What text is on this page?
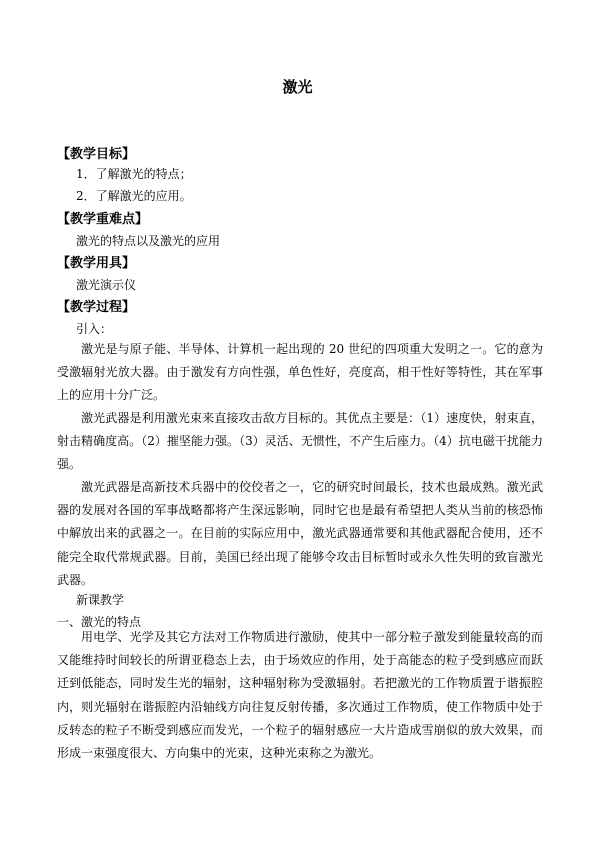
激光
【教学目标】
1．了解激光的特点；
2．了解激光的应用。
【教学重难点】
激光的特点以及激光的应用
【教学用具】
激光演示仪
【教学过程】
引入：
激光是与原子能、半导体、计算机一起出现的 20 世纪的四项重大发明之一。它的意为受激辐射光放大器。由于激发有方向性强，单色性好，亮度高，相干性好等特性，其在军事上的应用十分广泛。
激光武器是利用激光束来直接攻击敌方目标的。其优点主要是：（1）速度快，射束直，射击精确度高。（2）摧坚能力强。（3）灵活、无惯性，不产生后座力。（4）抗电磁干扰能力强。
激光武器是高新技术兵器中的佼佼者之一，它的研究时间最长，技术也最成熟。激光武器的发展对各国的军事战略都将产生深远影响，同时它也是最有希望把人类从当前的核恐怖中解放出来的武器之一。在目前的实际应用中，激光武器通常要和其他武器配合使用，还不能完全取代常规武器。目前，美国已经出现了能够令攻击目标暂时或永久性失明的致盲激光武器。
新课教学
一、激光的特点
用电学、光学及其它方法对工作物质进行激励，使其中一部分粒子激发到能量较高的而又能维持时间较长的所谓亚稳态上去，由于场效应的作用，处于高能态的粒子受到感应而跃迁到低能态，同时发生光的辐射，这种辐射称为受激辐射。若把激光的工作物质置于谐振腔内，则光辐射在谐振腔内沿轴线方向往复反射传播，多次通过工作物质，使工作物质中处于反转态的粒子不断受到感应而发光，一个粒子的辐射感应一大片造成雪崩似的放大效果，而形成一束强度很大、方向集中的光束，这种光束称之为激光。
